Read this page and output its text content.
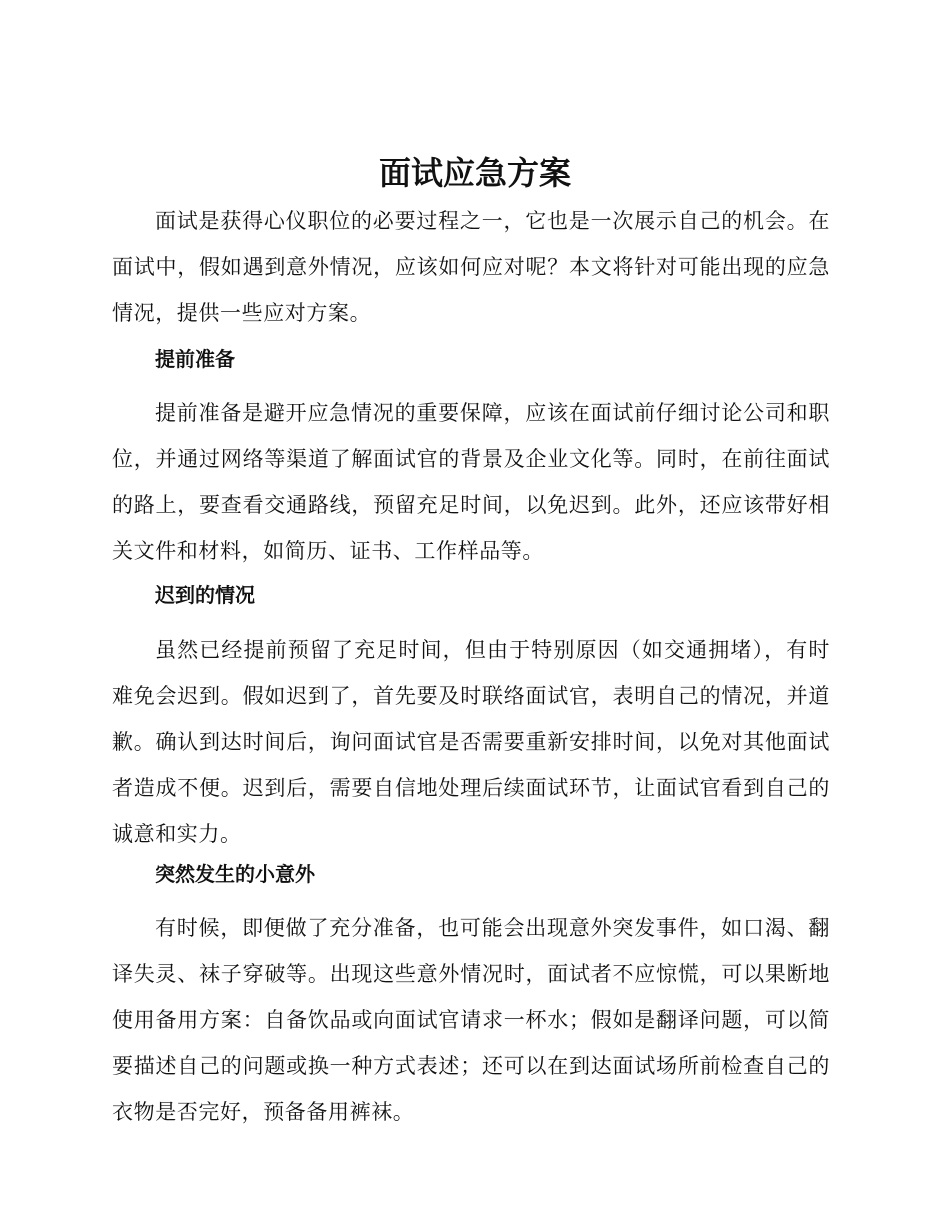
面试应急方案

面试是获得心仪职位的必要过程之一，它也是一次展示自己的机会。在面试中，假如遇到意外情况，应该如何应对呢？本文将针对可能出现的应急情况，提供一些应对方案。

提前准备

提前准备是避开应急情况的重要保障，应该在面试前仔细讨论公司和职位，并通过网络等渠道了解面试官的背景及企业文化等。同时，在前往面试的路上，要查看交通路线，预留充足时间，以免迟到。此外，还应该带好相关文件和材料，如简历、证书、工作样品等。

迟到的情况

虽然已经提前预留了充足时间，但由于特别原因（如交通拥堵），有时难免会迟到。假如迟到了，首先要及时联络面试官，表明自己的情况，并道歉。确认到达时间后，询问面试官是否需要重新安排时间，以免对其他面试者造成不便。迟到后，需要自信地处理后续面试环节，让面试官看到自己的诚意和实力。

突然发生的小意外

有时候，即便做了充分准备，也可能会出现意外突发事件，如口渴、翻译失灵、袜子穿破等。出现这些意外情况时，面试者不应惊慌，可以果断地使用备用方案：自备饮品或向面试官请求一杯水；假如是翻译问题，可以简要描述自己的问题或换一种方式表述；还可以在到达面试场所前检查自己的衣物是否完好，预备备用裤袜。
